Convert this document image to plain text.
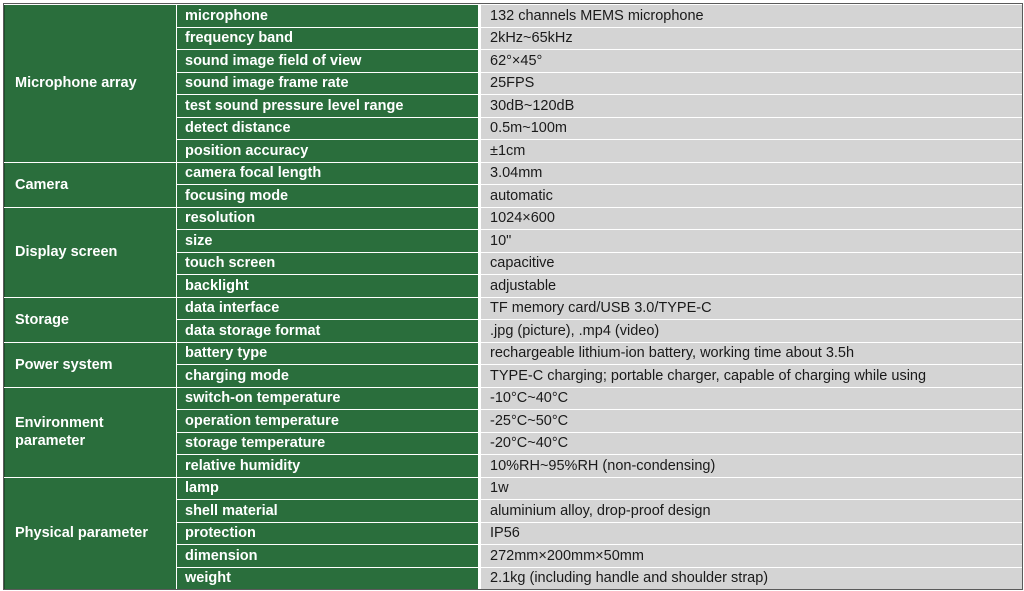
Microphone array	microphone	132 channels MEMS microphone
	frequency band	2kHz~65kHz
	sound image field of view	62°×45°
	sound image frame rate	25FPS
	test sound pressure level range	30dB~120dB
	detect distance	0.5m~100m
	position accuracy	±1cm
Camera	camera focal length	3.04mm
	focusing mode	automatic
Display screen	resolution	1024×600
	size	10"
	touch screen	capacitive
	backlight	adjustable
Storage	data interface	TF memory card/USB 3.0/TYPE-C
	data storage format	.jpg (picture), .mp4 (video)
Power system	battery type	rechargeable lithium-ion battery, working time about 3.5h
	charging mode	TYPE-C charging; portable charger, capable of charging while using
Environment parameter	switch-on temperature	-10°C~40°C
	operation temperature	-25°C~50°C
	storage temperature	-20°C~40°C
	relative humidity	10%RH~95%RH (non-condensing)
Physical parameter	lamp	1w
	shell material	aluminium alloy, drop-proof design
	protection	IP56
	dimension	272mm×200mm×50mm
	weight	2.1kg (including handle and shoulder strap)
